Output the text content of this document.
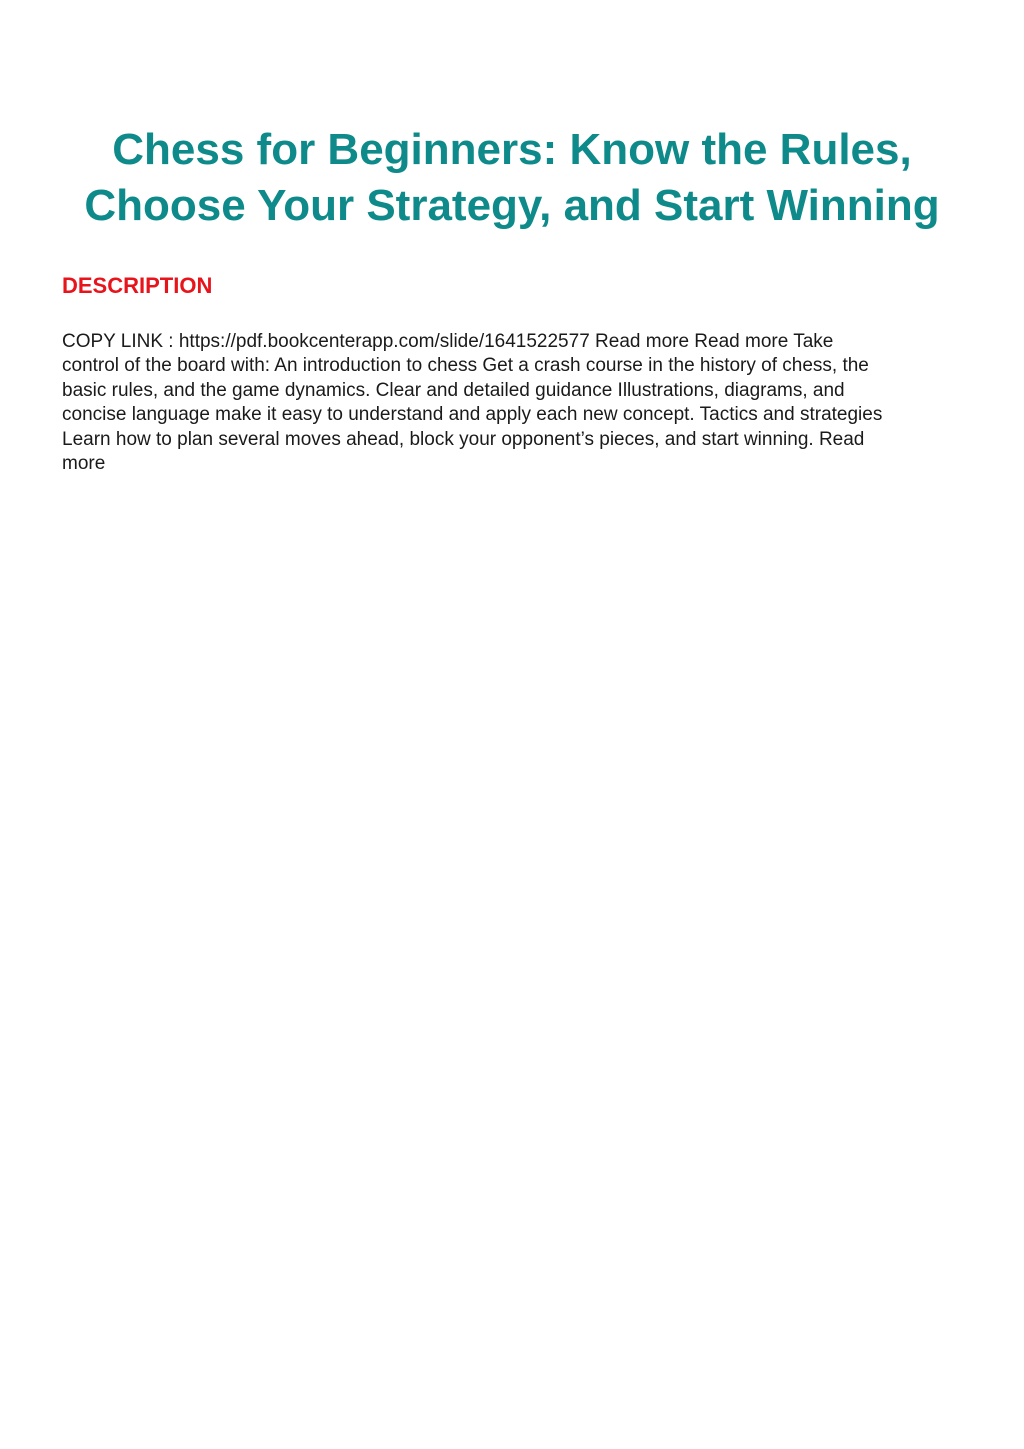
Chess for Beginners: Know the Rules,
Choose Your Strategy, and Start Winning
DESCRIPTION
COPY LINK : https://pdf.bookcenterapp.com/slide/1641522577 Read more Read more Take
control of the board with: An introduction to chess Get a crash course in the history of chess, the
basic rules, and the game dynamics. Clear and detailed guidance Illustrations, diagrams, and
concise language make it easy to understand and apply each new concept. Tactics and strategies
Learn how to plan several moves ahead, block your opponent’s pieces, and start winning. Read
more
